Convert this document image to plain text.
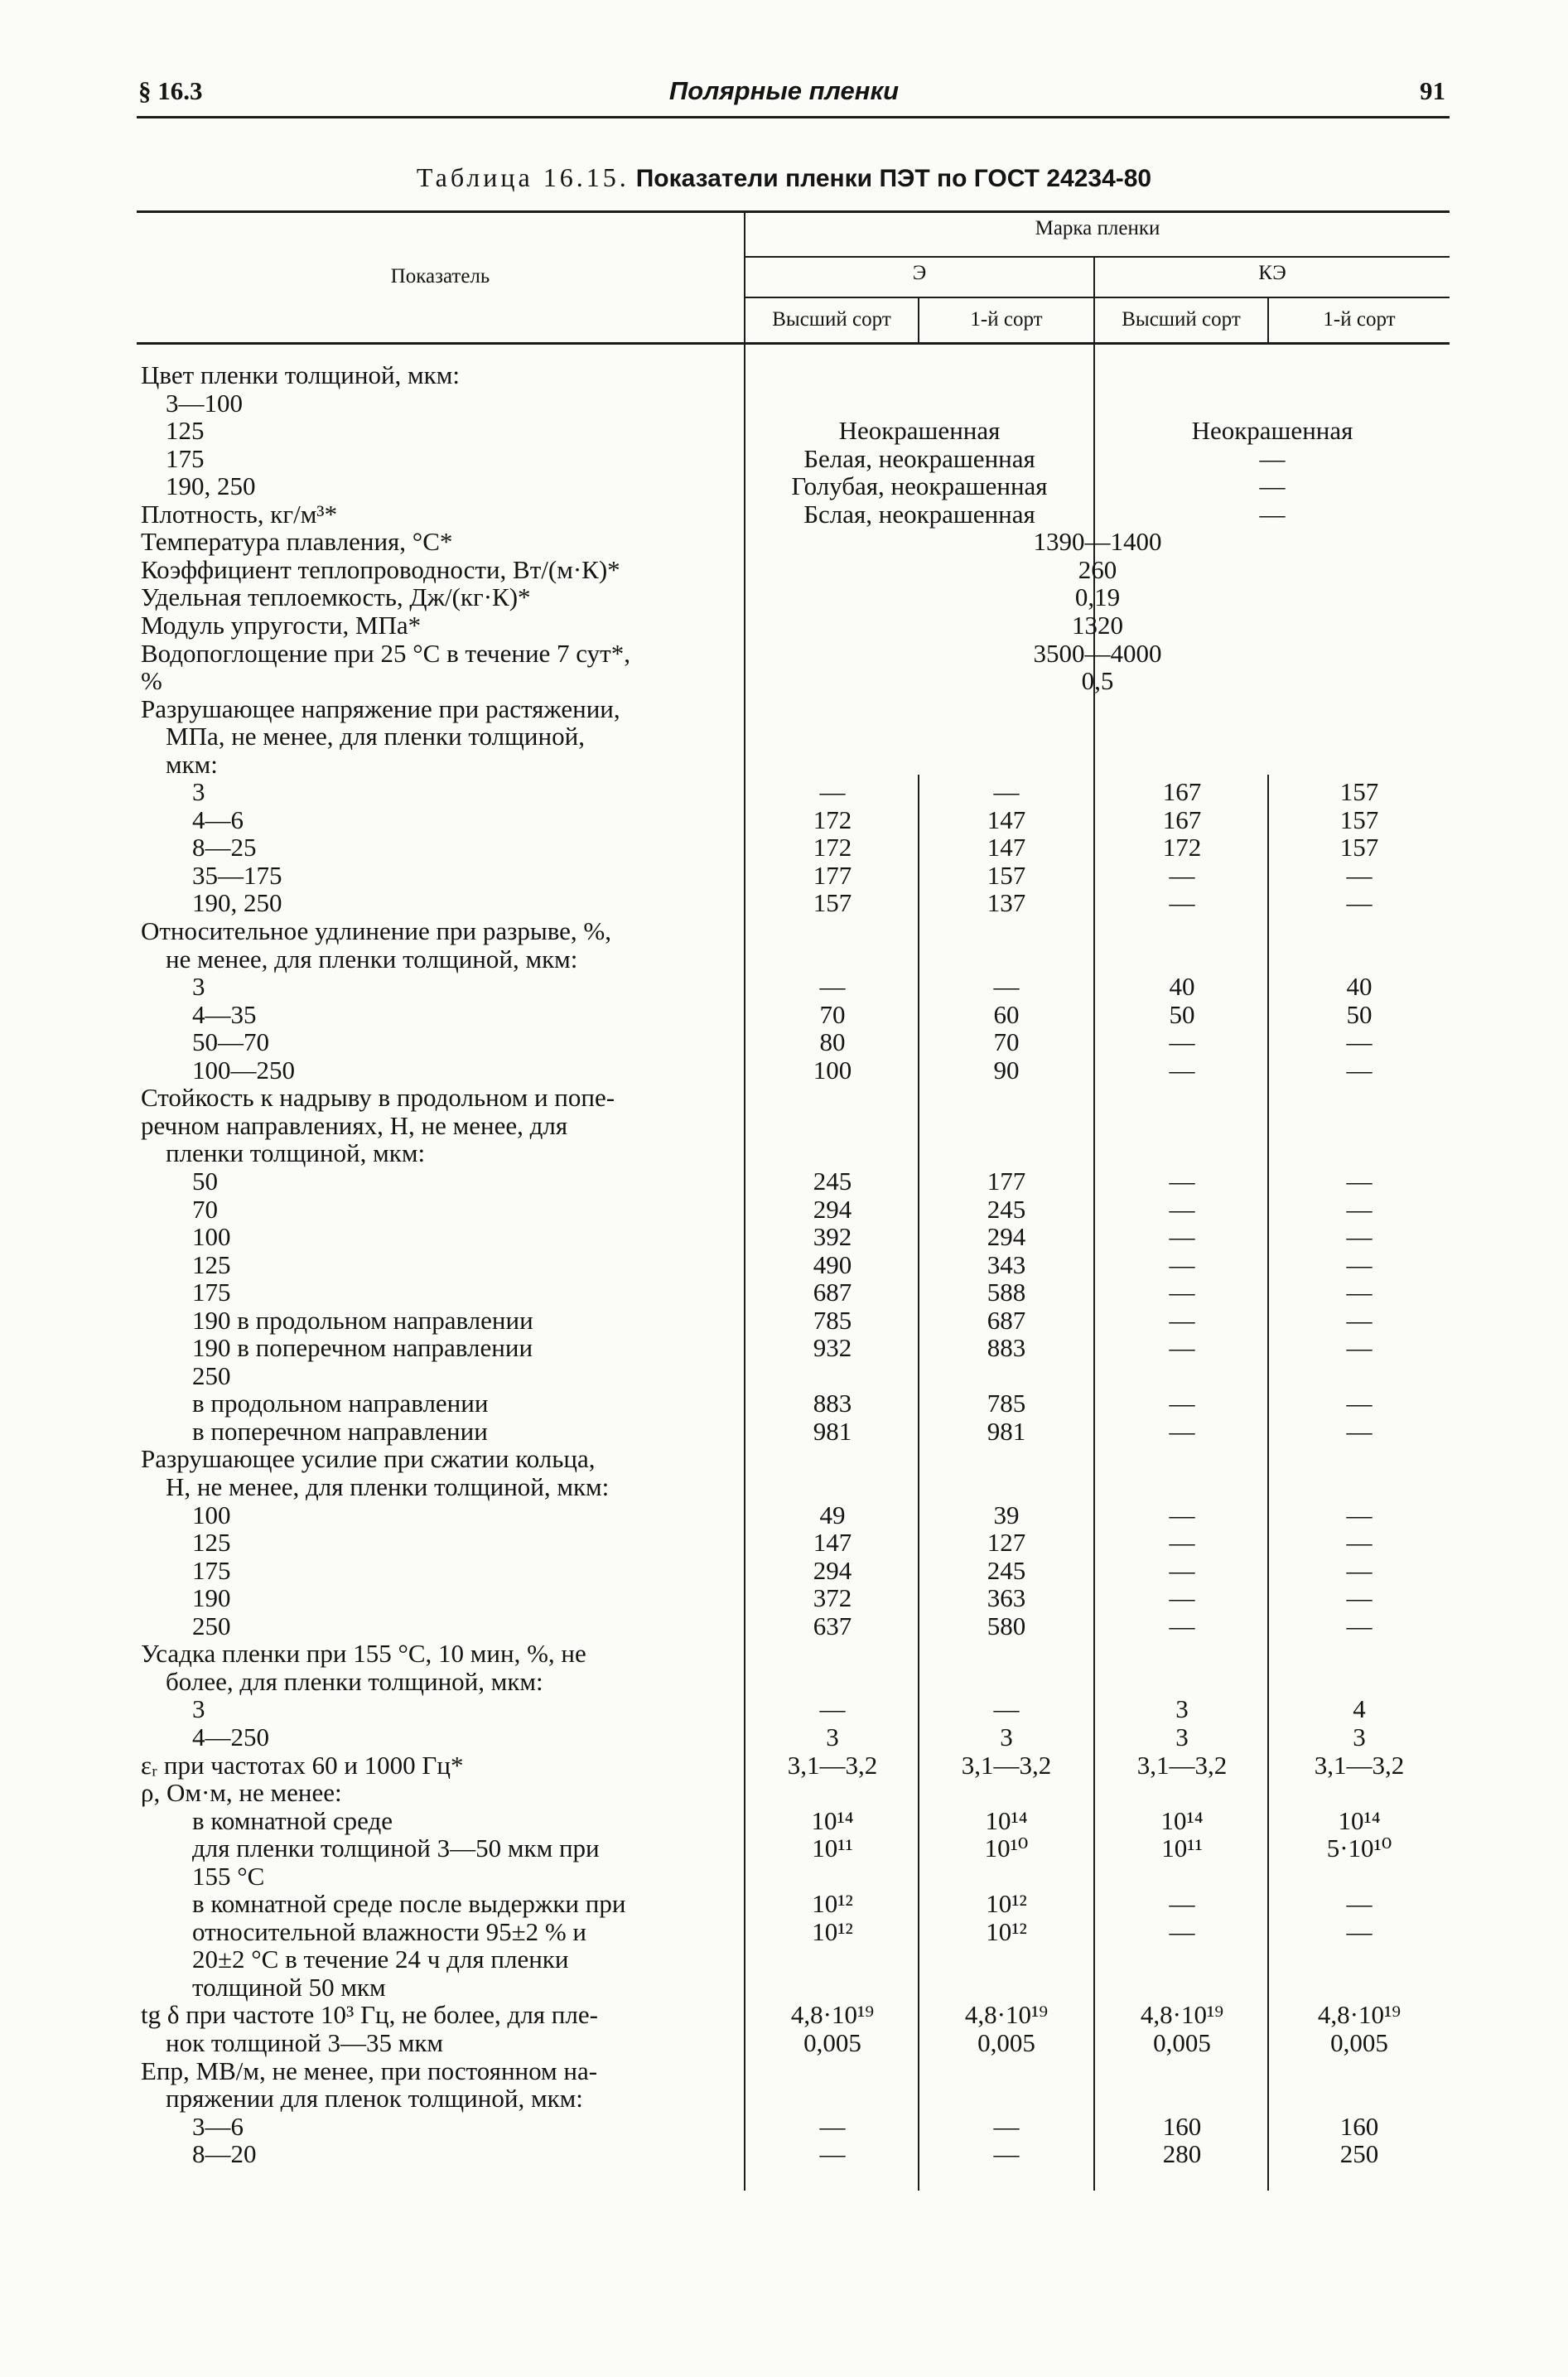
§ 16.3	Полярные пленки	91
Таблица 16.15. Показатели пленки ПЭТ по ГОСТ 24234-80
Показатель
Марка пленки
Э	КЭ
Высший сорт	1-й сорт	Высший сорт	1-й сорт
Цвет пленки толщиной, мкм:
3—100
125	Неокрашенная	Неокрашенная
175	Белая, неокрашенная	—
190, 250	Голубая, неокрашенная	—
Плотность, кг/м³*	Бслая, неокрашенная	—
Температура плавления, °C*	1390—1400
Коэффициент теплопроводности, Вт/(м·К)*	260
Удельная теплоемкость, Дж/(кг·К)*	0,19
Модуль упругости, МПа*	1320
Водопоглощение при 25 °С в течение 7 сут*,	3500—4000
%	0,5
Разрушающее напряжение при растяжении,
МПа, не менее, для пленки толщиной,
мкм:
3	—	—	167	157
4—6	172	147	167	157
8—25	172	147	172	157
35—175	177	157	—	—
190, 250	157	137	—	—
Относительное удлинение при разрыве, %,
не менее, для пленки толщиной, мкм:
3	—	—	40	40
4—35	70	60	50	50
50—70	80	70	—	—
100—250	100	90	—	—
Стойкость к надрыву в продольном и попе-
речном направлениях, Н, не менее, для
пленки толщиной, мкм:
50	245	177	—	—
70	294	245	—	—
100	392	294	—	—
125	490	343	—	—
175	687	588	—	—
190 в продольном направлении	785	687	—	—
190 в поперечном направлении	932	883	—	—
250
в продольном направлении	883	785	—	—
в поперечном направлении	981	981	—	—
Разрушающее усилие при сжатии кольца,
Н, не менее, для пленки толщиной, мкм:
100	49	39	—	—
125	147	127	—	—
175	294	245	—	—
190	372	363	—	—
250	637	580	—	—
Усадка пленки при 155 °С, 10 мин, %, не
более, для пленки толщиной, мкм:
3	—	—	3	4
4—250	3	3	3	3
εᵣ при частотах 60 и 1000 Гц*	3,1—3,2	3,1—3,2	3,1—3,2	3,1—3,2
ρ, Ом·м, не менее:
в комнатной среде	10¹⁴	10¹⁴	10¹⁴	10¹⁴
для пленки толщиной 3—50 мкм при	10¹¹	10¹⁰	10¹¹	5·10¹⁰
155 °С
в комнатной среде после выдержки при	10¹²	10¹²	—	—
относительной влажности 95±2 % и	10¹²	10¹²	—	—
20±2 °С в течение 24 ч для пленки
толщиной 50 мкм
tg δ при частоте 10³ Гц, не более, для пле-	4,8·10¹⁹	4,8·10¹⁹	4,8·10¹⁹	4,8·10¹⁹
нок толщиной 3—35 мкм	0,005	0,005	0,005	0,005
Eпр, МВ/м, не менее, при постоянном на-
пряжении для пленок толщиной, мкм:
3—6	—	—	160	160
8—20	—	—	280	250
